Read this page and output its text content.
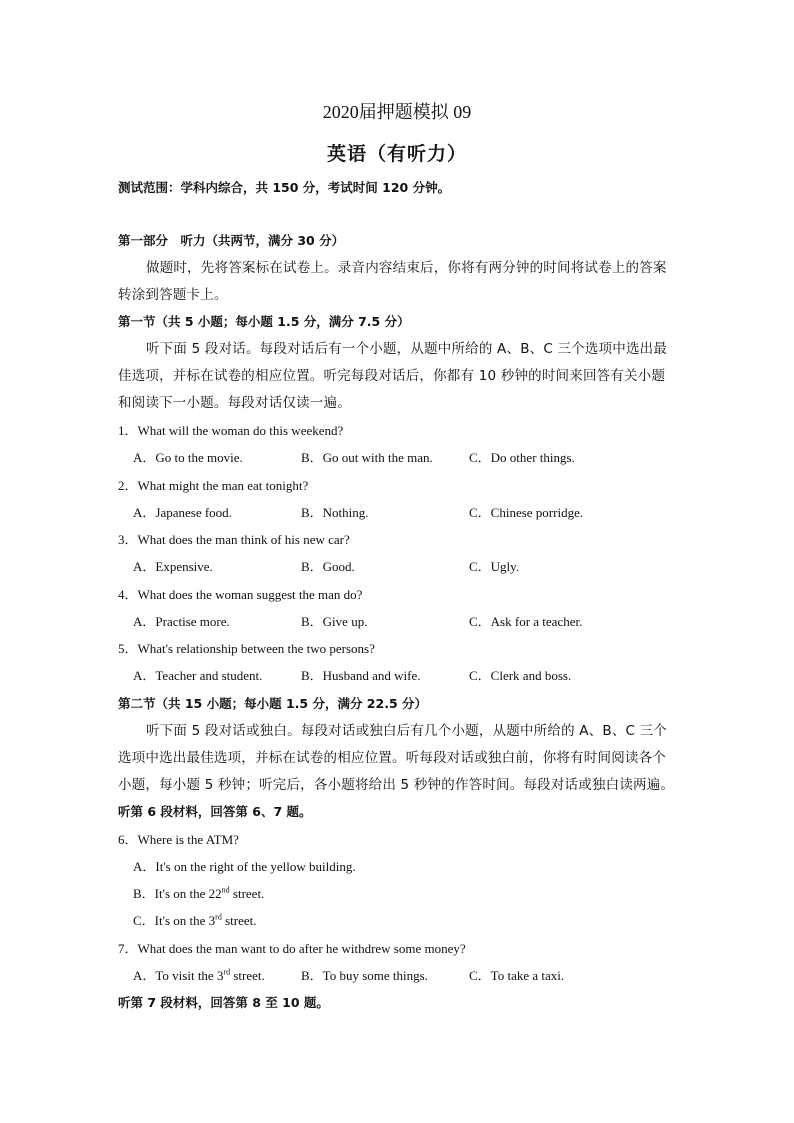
2020届押题模拟 09
英语（有听力）
测试范围：学科内综合，共 150 分，考试时间 120 分钟。
第一部分　听力（共两节，满分 30 分）
做题时，先将答案标在试卷上。录音内容结束后，你将有两分钟的时间将试卷上的答案
转涂到答题卡上。
第一节（共 5 小题；每小题 1.5 分，满分 7.5 分）
听下面 5 段对话。每段对话后有一个小题，从题中所给的 A、B、C 三个选项中选出最
佳选项，并标在试卷的相应位置。听完每段对话后，你都有 10 秒钟的时间来回答有关小题
和阅读下一小题。每段对话仅读一遍。
1．What will the woman do this weekend?
A．Go to the movie.	B．Go out with the man.	C．Do other things.
2．What might the man eat tonight?
A．Japanese food.	B．Nothing.	C．Chinese porridge.
3．What does the man think of his new car?
A．Expensive.	B．Good.	C．Ugly.
4．What does the woman suggest the man do?
A．Practise more.	B．Give up.	C．Ask for a teacher.
5．What's relationship between the two persons?
A．Teacher and student.	B．Husband and wife.	C．Clerk and boss.
第二节（共 15 小题；每小题 1.5 分，满分 22.5 分）
听下面 5 段对话或独白。每段对话或独白后有几个小题，从题中所给的 A、B、C 三个
选项中选出最佳选项，并标在试卷的相应位置。听每段对话或独白前，你将有时间阅读各个
小题，每小题 5 秒钟；听完后，各小题将给出 5 秒钟的作答时间。每段对话或独白读两遍。
听第 6 段材料，回答第 6、7 题。
6．Where is the ATM?
A．It's on the right of the yellow building.
B．It's on the 22nd street.
C．It's on the 3rd street.
7．What does the man want to do after he withdrew some money?
A．To visit the 3rd street.	B．To buy some things.	C．To take a taxi.
听第 7 段材料，回答第 8 至 10 题。
